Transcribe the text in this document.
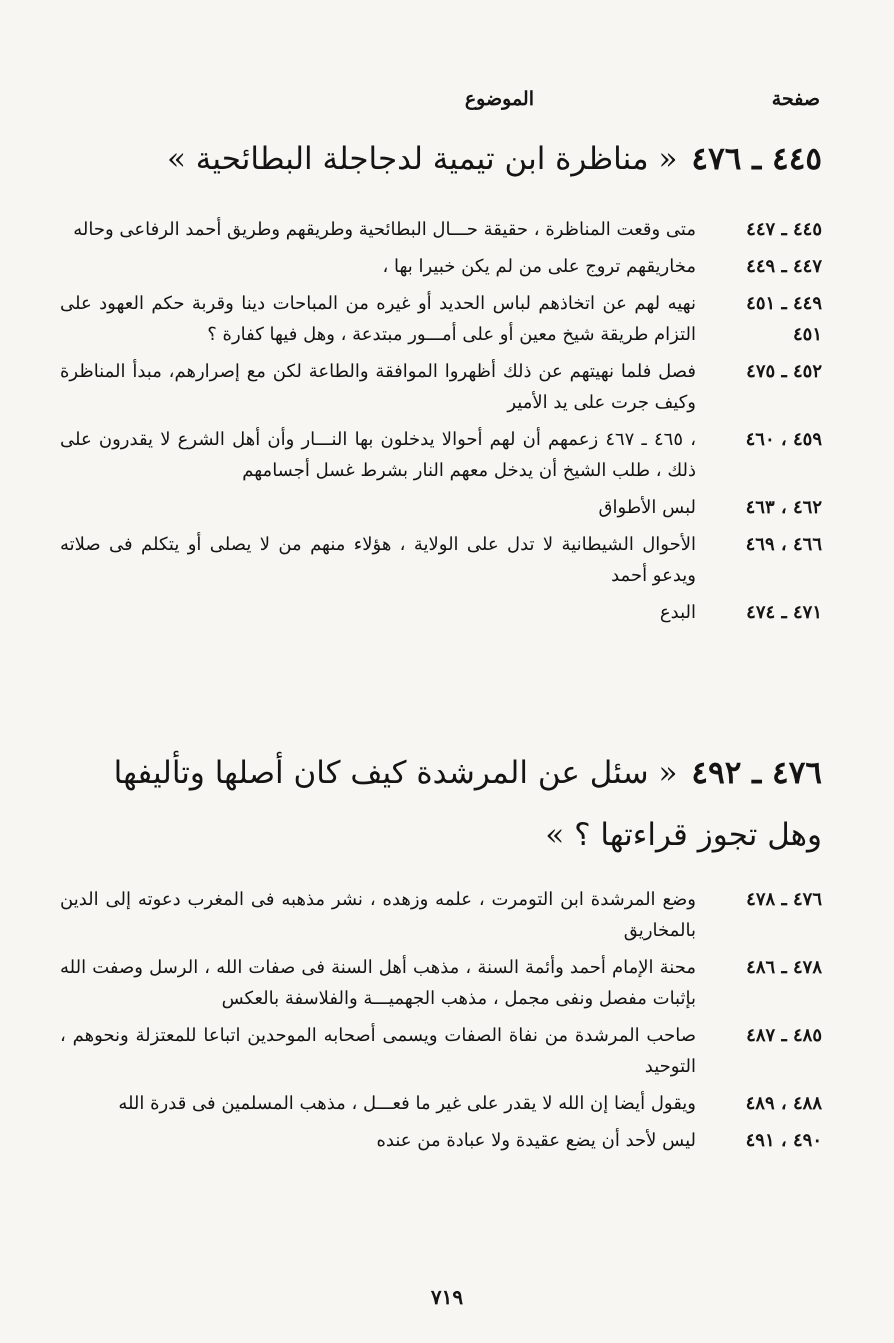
صفحة
الموضوع
٤٤٥ ـ ٤٧٦« مناظرة ابن تيمية لدجاجلة البطائحية »
٤٤٥ ـ ٤٤٧
متى وقعت المناظرة ، حقيقة حـــال البطائحية وطريقهم وطريق أحمد الرفاعى وحاله
٤٤٧ ـ ٤٤٩
مخاريقهم تروج على من لم يكن خبيرا بها ،
٤٤٩ ـ ٤٥١
٤٥١
نهيه لهم عن اتخاذهم لباس الحديد أو غيره من المباحات دينا وقربة حكم العهود على التزام طريقة شيخ معين أو على أمـــور مبتدعة ، وهل فيها كفارة ؟
٤٥٢ ـ ٤٧٥
فصل فلما نهيتهم عن ذلك أظهروا الموافقة والطاعة لكن مع إصرارهم، مبدأ المناظرة وكيف جرت على يد الأمير
٤٥٩ ، ٤٦٠
، ٤٦٥ ـ ٤٦٧ زعمهم أن لهم أحوالا يدخلون بها النـــار وأن أهل الشرع لا يقدرون على ذلك ، طلب الشيخ أن يدخل معهم النار بشرط غسل أجسامهم
٤٦٢ ، ٤٦٣
لبس الأطواق
٤٦٦ ، ٤٦٩
الأحوال الشيطانية لا تدل على الولاية ، هؤلاء منهم من لا يصلى أو يتكلم فى صلاته ويدعو أحمد
٤٧١ ـ ٤٧٤
البدع
٤٧٦ ـ ٤٩٢« سئل عن المرشدة كيف كان أصلها وتأليفها وهل تجوز قراءتها ؟ »
٤٧٦ ـ ٤٧٨
وضع المرشدة ابن التومرت ، علمه وزهده ، نشر مذهبه فى المغرب دعوته إلى الدين بالمخاريق
٤٧٨ ـ ٤٨٦
محنة الإمام أحمد وأئمة السنة ، مذهب أهل السنة فى صفات الله ، الرسل وصفت الله بإثبات مفصل ونفى مجمل ، مذهب الجهميـــة والفلاسفة بالعكس
٤٨٥ ـ ٤٨٧
صاحب المرشدة من نفاة الصفات ويسمى أصحابه الموحدين اتباعا للمعتزلة ونحوهم ، التوحيد
٤٨٨ ، ٤٨٩
ويقول أيضا إن الله لا يقدر على غير ما فعـــل ، مذهب المسلمين فى قدرة الله
٤٩٠ ، ٤٩١
ليس لأحد أن يضع عقيدة ولا عبادة من عنده
٧١٩
